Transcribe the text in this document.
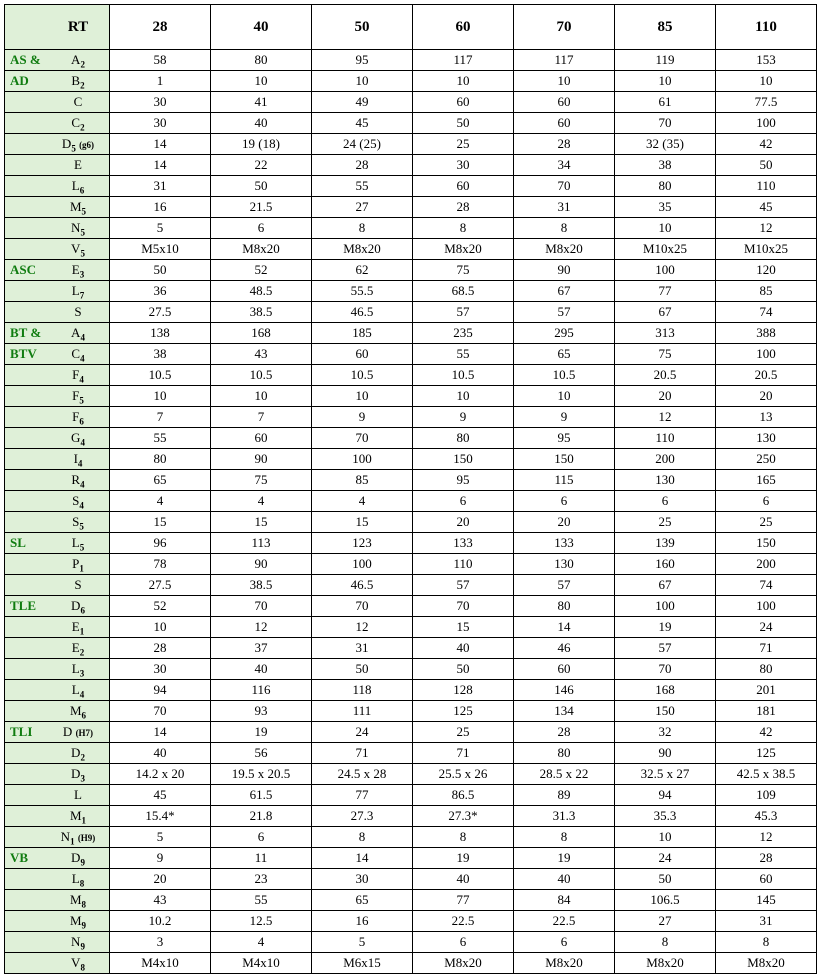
	RT	28	40	50	60	70	85	110
AS &	$A_2$	58	80	95	117	117	119	153
AD	$B_2$	1	10	10	10	10	10	10
	C	30	41	49	60	60	61	77.5
	$C_2$	30	40	45	50	60	70	100
	$D_5$ (g6)	14	19 (18)	24 (25)	25	28	32 (35)	42
	E	14	22	28	30	34	38	50
	$L_6$	31	50	55	60	70	80	110
	$M_5$	16	21.5	27	28	31	35	45
	$N_5$	5	6	8	8	8	10	12
	$V_5$	M5x10	M8x20	M8x20	M8x20	M8x20	M10x25	M10x25
ASC	$E_3$	50	52	62	75	90	100	120
	$L_7$	36	48.5	55.5	68.5	67	77	85
	S	27.5	38.5	46.5	57	57	67	74
BT &	$A_4$	138	168	185	235	295	313	388
BTV	$C_4$	38	43	60	55	65	75	100
	$F_4$	10.5	10.5	10.5	10.5	10.5	20.5	20.5
	$F_5$	10	10	10	10	10	20	20
	$F_6$	7	7	9	9	9	12	13
	$G_4$	55	60	70	80	95	110	130
	$I_4$	80	90	100	150	150	200	250
	$R_4$	65	75	85	95	115	130	165
	$S_4$	4	4	4	6	6	6	6
	$S_5$	15	15	15	20	20	25	25
SL	$L_5$	96	113	123	133	133	139	150
	$P_1$	78	90	100	110	130	160	200
	S	27.5	38.5	46.5	57	57	67	74
TLE	$D_6$	52	70	70	70	80	100	100
	$E_1$	10	12	12	15	14	19	24
	$E_2$	28	37	31	40	46	57	71
	$L_3$	30	40	50	50	60	70	80
	$L_4$	94	116	118	128	146	168	201
	$M_6$	70	93	111	125	134	150	181
TLI	D (H7)	14	19	24	25	28	32	42
	$D_2$	40	56	71	71	80	90	125
	$D_3$	14.2 x 20	19.5 x 20.5	24.5 x 28	25.5 x 26	28.5 x 22	32.5 x 27	42.5 x 38.5
	L	45	61.5	77	86.5	89	94	109
	$M_1$	15.4*	21.8	27.3	27.3*	31.3	35.3	45.3
	$N_1$ (H9)	5	6	8	8	8	10	12
VB	$D_9$	9	11	14	19	19	24	28
	$L_8$	20	23	30	40	40	50	60
	$M_8$	43	55	65	77	84	106.5	145
	$M_9$	10.2	12.5	16	22.5	22.5	27	31
	$N_9$	3	4	5	6	6	8	8
	$V_8$	M4x10	M4x10	M6x15	M8x20	M8x20	M8x20	M8x20
